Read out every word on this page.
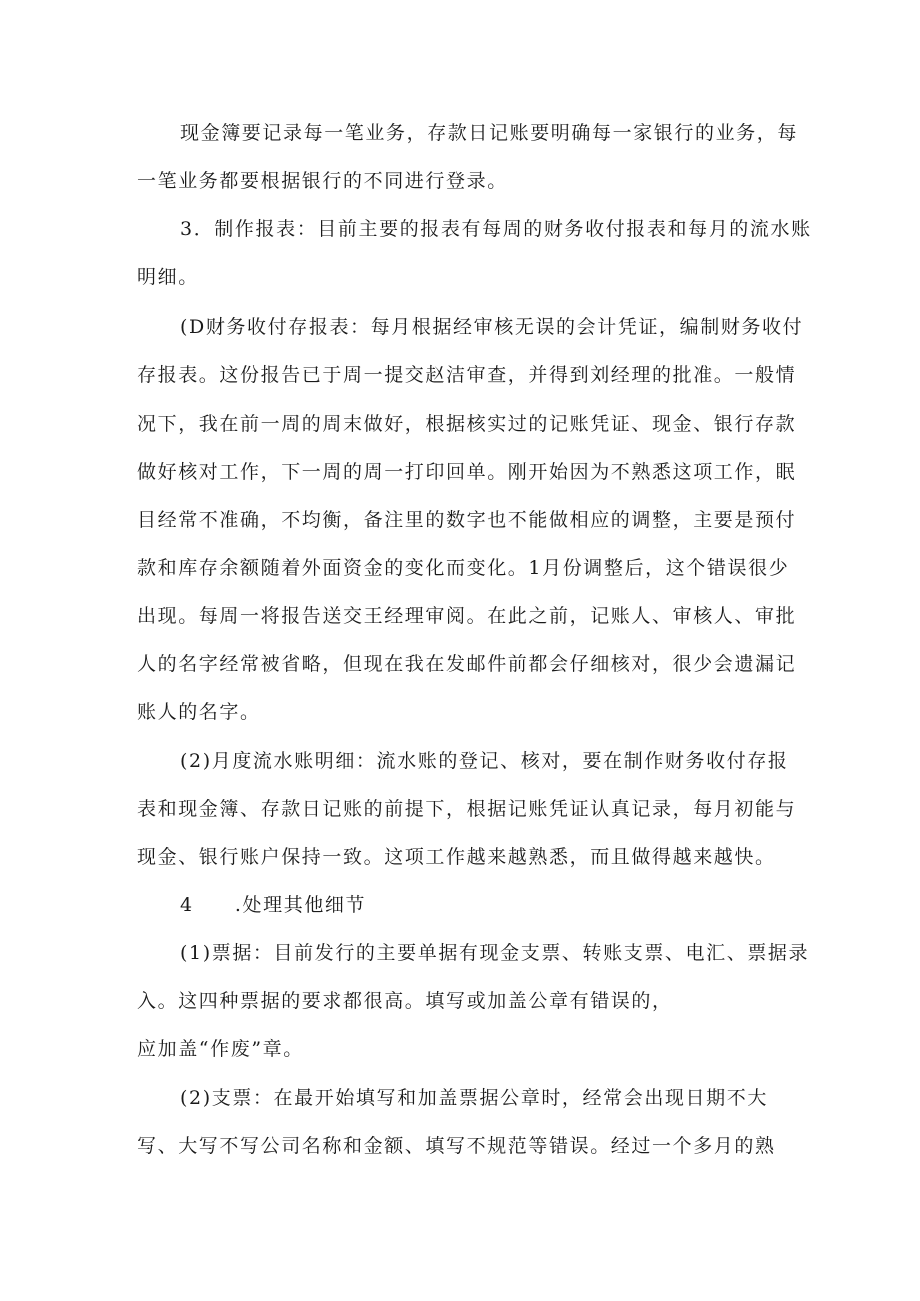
现金簿要记录每一笔业务，存款日记账要明确每一家银行的业务，每
一笔业务都要根据银行的不同进行登录。
3．制作报表：目前主要的报表有每周的财务收付报表和每月的流水账
明细。
(D财务收付存报表：每月根据经审核无误的会计凭证，编制财务收付
存报表。这份报告已于周一提交赵洁审查，并得到刘经理的批准。一般情
况下，我在前一周的周末做好，根据核实过的记账凭证、现金、银行存款
做好核对工作，下一周的周一打印回单。刚开始因为不熟悉这项工作，眠
目经常不准确，不均衡，备注里的数字也不能做相应的调整，主要是预付
款和库存余额随着外面资金的变化而变化。1月份调整后，这个错误很少
出现。每周一将报告送交王经理审阅。在此之前，记账人、审核人、审批
人的名字经常被省略，但现在我在发邮件前都会仔细核对，很少会遗漏记
账人的名字。
(2)月度流水账明细：流水账的登记、核对，要在制作财务收付存报
表和现金簿、存款日记账的前提下，根据记账凭证认真记录，每月初能与
现金、银行账户保持一致。这项工作越来越熟悉，而且做得越来越快。
4　　.处理其他细节
(1)票据：目前发行的主要单据有现金支票、转账支票、电汇、票据录
入。这四种票据的要求都很高。填写或加盖公章有错误的，
应加盖“作废”章。
(2)支票：在最开始填写和加盖票据公章时，经常会出现日期不大
写、大写不写公司名称和金额、填写不规范等错误。经过一个多月的熟
